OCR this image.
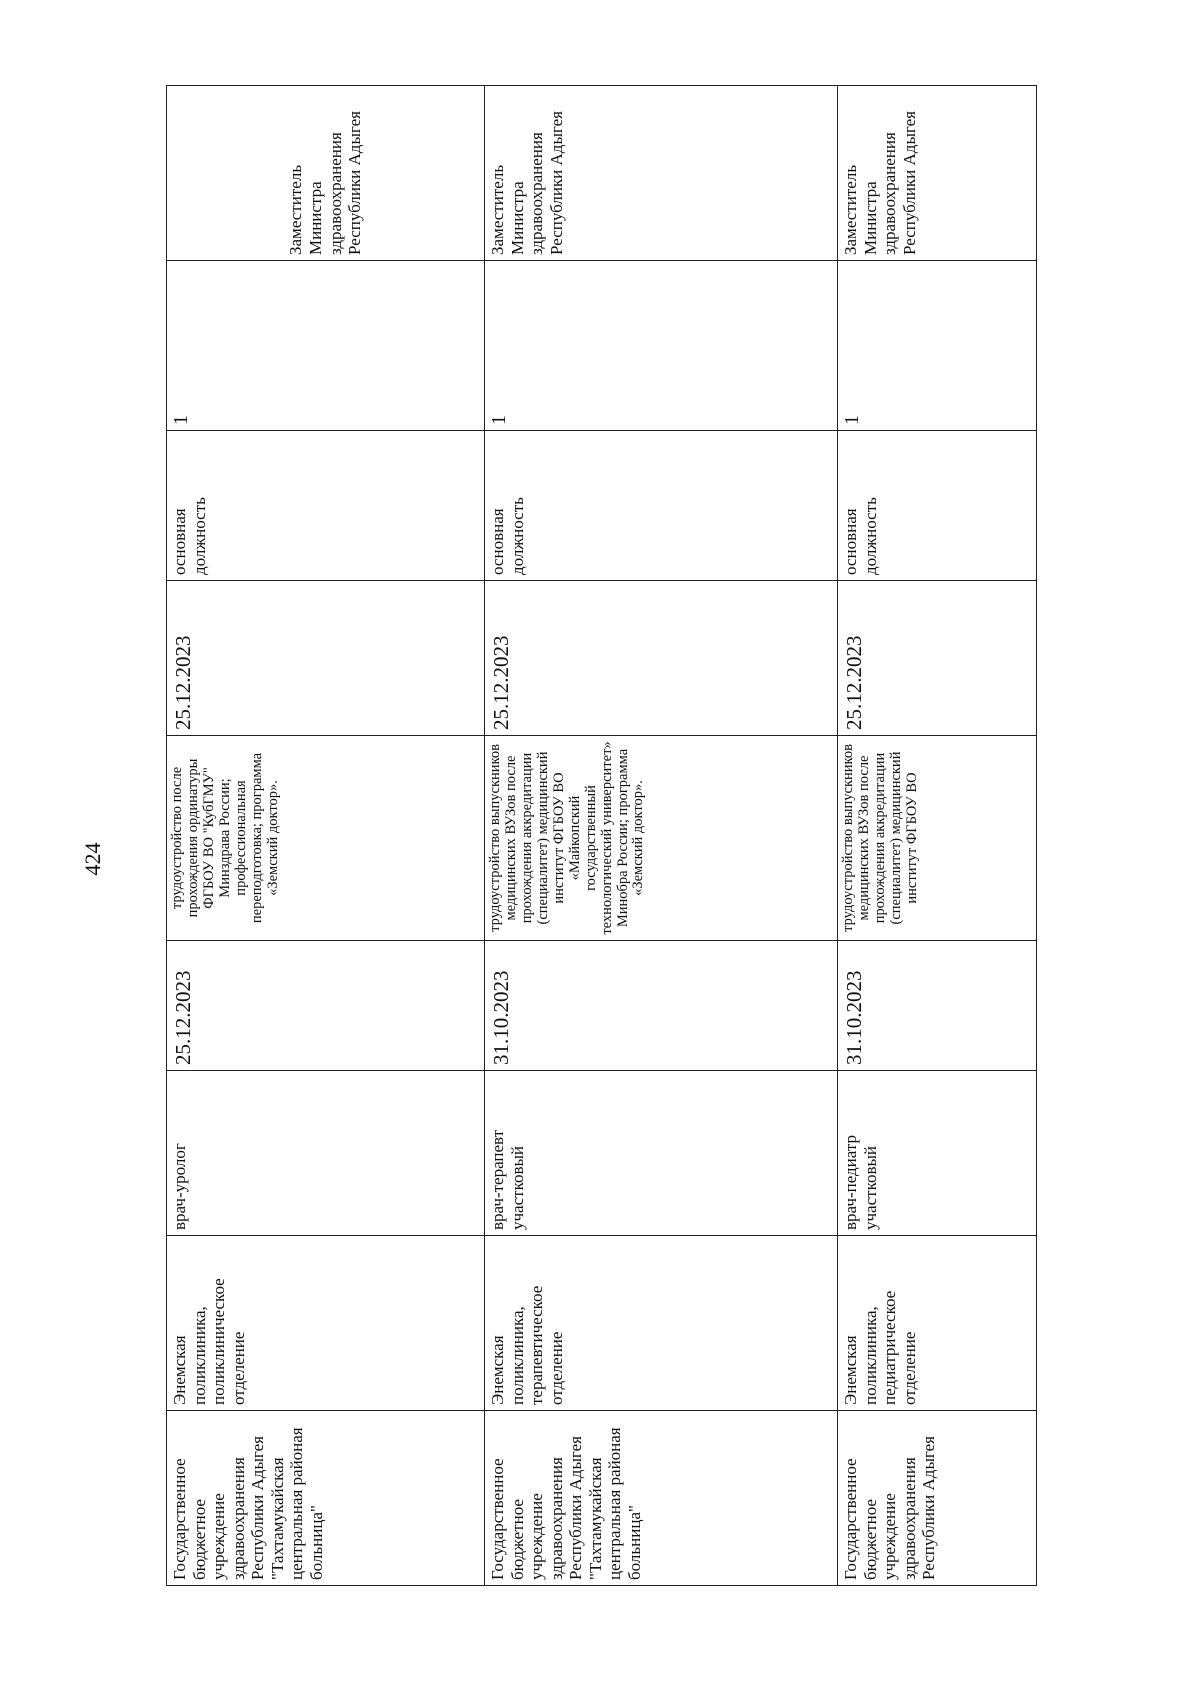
424
Государственное бюджетное учреждение здравоохранения Республики Адыгея "Тахтамукайская центральная районая больница"	Энемская поликлиника, поликлиническое отделение	врач-уролог	25.12.2023	трудоустройство после прохождения ординатуры ФГБОУ ВО "КубГМУ" Минздрава России; профессиональная переподготовка; программа «Земский доктор».	25.12.2023	основная должность	1	Заместитель Министра здравоохранения Республики Адыгея
Государственное бюджетное учреждение здравоохранения Республики Адыгея "Тахтамукайская центральная районая больница"	Энемская поликлиника, терапевтическое отделение	врач-терапевт участковый	31.10.2023	трудоустройство выпускников медицинских ВУЗов после прохождения аккредитации (специалитет) медицинский институт ФГБОУ ВО «Майкопский государственный технологический университет» Минобра России; программа «Земский доктор».	25.12.2023	основная должность	1	Заместитель Министра здравоохранения Республики Адыгея
Государственное бюджетное учреждение здравоохранения Республики Адыгея	Энемская поликлиника, педиатрическое отделение	врач-педиатр участковый	31.10.2023	трудоустройство выпускников медицинских ВУЗов после прохождения аккредитации (специалитет) медицинский институт ФГБОУ ВО	25.12.2023	основная должность	1	Заместитель Министра здравоохранения Республики Адыгея
